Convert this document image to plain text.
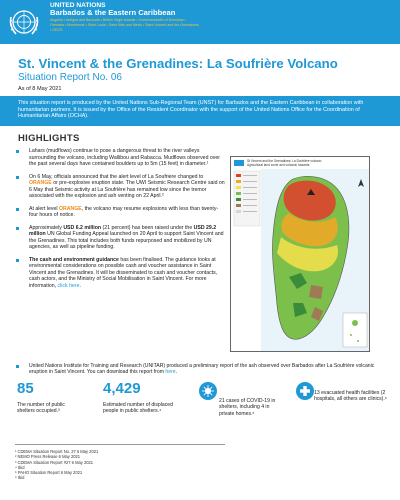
UNITED NATIONS
Barbados & the Eastern Caribbean
Anguilla • Antigua and Barbuda • British Virgin Islands • Commonwealth of Dominica • Grenada • Montserrat • Saint Lucia • Saint Kitts and Nevis • Saint Vincent and the Grenadines • OECS
St. Vincent & the Grenadines: La Soufrière Volcano
Situation Report No. 06
As of 8 May 2021
This situation report is produced by the United Nations Sub-Regional Team (UNST) for Barbados and the Eastern Caribbean in collaboration with humanitarian partners. It is issued by the Office of the Resident Coordinator with the support of the United Nations Office for the Coordination of Humanitarian Affairs (OCHA).
HIGHLIGHTS
Lahars (mudflows) continue to pose a dangerous threat to the river valleys surrounding the volcano, including Wallibou and Rabacca. Mudflows observed over the past several days have contained boulders up to 5m (15 feet) in diameter.¹
On 6 May, officials announced that the alert level of La Soufriere changed to ORANGE or pre-explosive eruption state. The UWI Seismic Research Centre said on 6 May that Seismic activity at La Soufrière has remained low since the tremor associated with the explosion and ash venting on 22 April.²
At alert level ORANGE, the volcano may resume explosions with less than twenty-four hours of notice.
Approximately USD 6.2 million (21 percent) has been raised under the USD 29.2 million UN Global Funding Appeal launched on 20 April to support Saint Vincent and the Grenadines. This total includes both funds repurposed and mobilized by UN agencies, as well as pipeline funding.
The cash and environment guidance has been finalised. The guidance looks at environmental considerations on possible cash and voucher assistance in Saint Vincent and the Grenadines. It will be disseminated to cash and voucher contacts, cash actors, and the Ministry of Social Mobilisation in Saint Vincent. For more information, click here.
St Vincent and the Grenadines: La Soufrière volcano
Agricultural land cover and volcanic hazards
United Nations Institute for Training and Research (UNITAR) produced a preliminary report of the ash observed over Barbados after La Soufrière volcanic eruption in Saint Vincent. You can download this report from here.
85
The number of public shelters occupied.³
4,429
Estimated number of displaced people in public shelters.⁴
21 cases of COVID-19 in shelters, including 4 in private homes.⁵
13 evacuated health facilities (2 hospitals, all others are clinics).⁶
¹ CDEMA Situation Report No. 27 6 May 2021
² NEMO Press Release 6 May 2021
³ CDEMA Situation Report #27 6 May 2021
⁴ Ibid
⁵ PAHO Situation Report 6 May 2021
⁶ Ibid
